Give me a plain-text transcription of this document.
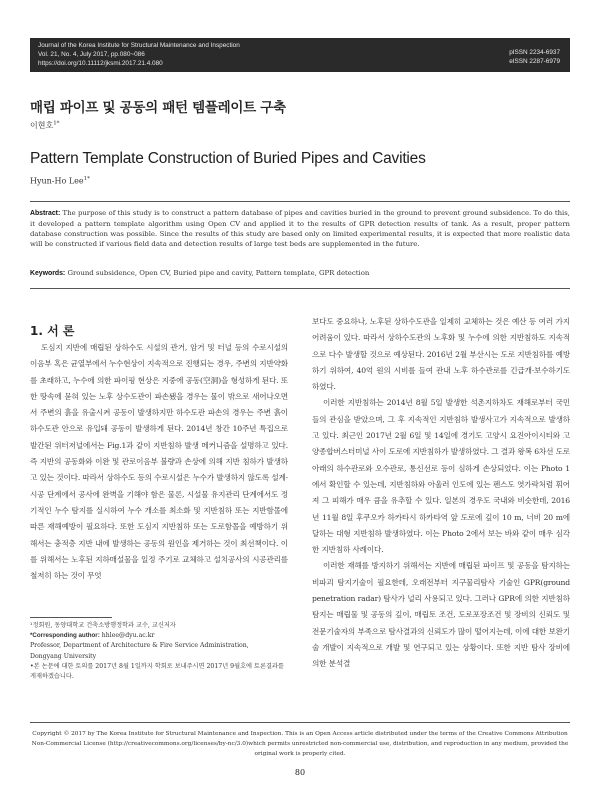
Journal of the Korea Institute for Structural Maintenance and Inspection
Vol. 21, No. 4, July 2017, pp.080~086
https://doi.org/10.11112/jksmi.2017.21.4.080
pISSN 2234-6937
eISSN 2287-6979
매립 파이프 및 공동의 패턴 템플레이트 구축
이현호$^{1*}$
Pattern Template Construction of Buried Pipes and Cavities
Hyun-Ho Lee$^{1*}$
Abstract: The purpose of this study is to construct a pattern database of pipes and cavities buried in the ground to prevent ground subsidence. To do this, it developed a pattern template algorithm using Open CV and applied it to the results of GPR detection results of tank. As a result, proper pattern database construction was possible. Since the results of this study are based only on limited experimental results, it is expected that more realistic data will be constructed if various field data and detection results of large test beds are supplemented in the future.
Keywords: Ground subsidence, Open CV, Buried pipe and cavity, Pattern template, GPR detection
1. 서 론

도심지 지반에 매립된 상하수도 시설의 관거, 암거 및 터널 등의 수로시설의 이음부 혹은 균열부에서 누수현상이 지속적으로 진행되는 경우, 주변의 지반약화를 초래하고, 누수에 의한 파이핑 현상은 지중에 공동(空洞)을 형성하게 된다. 또한 땅속에 묻혀 있는 노후 상수도관이 파손됐을 경우는 물이 밖으로 새어나오면서 주변의 흙을 유출시켜 공동이 발생하지만 하수도관 파손의 경우는 주변 흙이 하수도관 안으로 유입돼 공동이 발생하게 된다. 2014년 창간 10주년 특집으로 발간된 위터저널에서는 Fig.1과 같이 지반침하 발생 메커니즘을 설명하고 있다. 즉 지반의 공동화와 이완 및 관로이음부 불량과 손상에 의해 지반 침하가 발생하고 있는 것이다. 따라서 상하수도 등의 수로시설은 누수가 발생하지 않도록 설계·시공 단계에서 공사에 완벽을 기해야 함은 물론, 시설물 유지관리 단계에서도 정기적인 누수 탐지를 실시하여 누수 개소를 최소화 및 지반침하 또는 지반함몰에 따른 재해예방이 필요하다. 또한 도심지 지반침하 또는 도로함몰을 예방하기 위해서는 충적층 지반 내에 발생하는 공동의 원인을 제거하는 것이 최선책이다. 이를 위해서는 노후된 지하매설물을 일정 주기로 교체하고 설치공사의 시공관리를 철저히 하는 것이 무엇

보다도 중요하나, 노후된 상하수도관을 일제히 교체하는 것은 예산 등 여러 가지 어려움이 있다. 따라서 상하수도관의 노후화 및 누수에 의한 지반침하도 지속적으로 다수 발생할 것으로 예상된다. 2016년 2월 부산시는 도로 지반침하를 예방하기 위하여, 40억 원의 시비를 들여 관내 노후 하수관로를 긴급개·보수하기도 하였다.

이러한 지반침하는 2014년 8월 5일 발생한 석촌지하차도 재해로부터 국민들의 관심을 받았으며, 그 후 지속적인 지반침하 발생사고가 지속적으로 발생하고 있다. 최근인 2017년 2월 6일 및 14일에 경기도 고양시 요진아이시티와 고양종합버스터미널 사이 도로에 지반침하가 발생하였다. 그 결과 왕복 6차선 도로 아래의 하수관로와 오수관로, 통신선로 등이 심하게 손상되었다. 이는 Photo 1에서 확인할 수 있는데, 지반침하와 아울러 인도에 있는 펜스도 엿가락처럼 휘어져 그 피해가 매우 큼을 유추할 수 있다. 일본의 경우도 국내와 비슷한데, 2016년 11월 8일 후쿠오카 하카타시 하카타역 앞 도로에 깊이 10 m, 너비 20 m에 달하는 대형 지반침하 발생하였다. 이는 Photo 2에서 보는 바와 같이 매우 심각한 지반침하 사례이다.

이러한 재해를 방지하기 위해서는 지반에 매립된 파이프 및 공동을 탐지하는 비파괴 탐지기술이 필요한데, 오래전부터 지구물리탐사 기술인 GPR(ground penetration radar) 탐사가 널리 사용되고 있다. 그러나 GPR에 의한 지반침하 탐지는 매립물 및 공동의 깊이, 매립토 조건, 도로포장조건 및 장비의 신뢰도 및 전문기술자의 부족으로 탐사결과의 신뢰도가 많이 떨어지는데, 이에 대한 보완기술 개발이 지속적으로 개발 및 연구되고 있는 상황이다. 또한 지반 탐사 장비에 의한 분석결

¹정회원, 동양대학교 건축소방행정학과 교수, 교신저자
*Corresponding author: hhlee@dyu.ac.kr
Professor, Department of Architecture & Fire Service Administration,
Dongyang University
•본 논문에 대한 토의를 2017년 8월 1일까지 학회로 보내주시면 2017년 9월호에 토론결과를 게재하겠습니다.
Copyright © 2017 by The Korea Institute for Structural Maintenance and Inspection. This is an Open Access article distributed under the terms of the Creative Commons Attribution Non-Commercial License (http://creativecommons.org/licenses/by-nc/3.0)which permits unrestricted non-commercial use, distribution, and reproduction in any medium, provided the original work is properly cited.
80
